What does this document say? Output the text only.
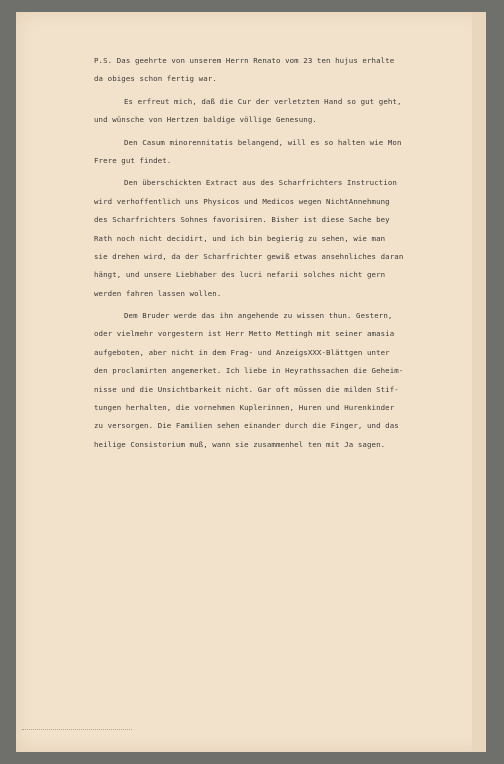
P.S. Das geehrte von unserem Herrn Renato vom 23 ten hujus erhalte
da obiges schon fertig war.
Es erfreut mich, daß die Cur der verletzten Hand so gut geht,
und wünsche von Hertzen baldige völlige Genesung.
Den Casum minorennitatis belangend, will es so halten wie Mon
Frere gut findet.
Den überschickten Extract aus des Scharfrichters Instruction
wird verhoffentlich uns Physicos und Medicos wegen NichtAnnehmung
des Scharfrichters Sohnes favorisiren. Bisher ist diese Sache bey
Rath noch nicht decidirt, und ich bin begierig zu sehen, wie man
sie drehen wird, da der Scharfrichter gewiß etwas ansehnliches daran
hängt, und unsere Liebhaber des lucri nefarii solches nicht gern
werden fahren lassen wollen.
Dem Bruder werde das ihn angehende zu wissen thun. Gestern,
oder vielmehr vorgestern ist Herr Metto Mettingh mit seiner amasia
aufgeboten, aber nicht in dem Frag- und AnzeigsXXX-Blättgen unter
den proclamirten angemerket. Ich liebe in Heyrathssachen die Geheim-
nisse und die Unsichtbarkeit nicht. Gar oft müssen die milden Stif-
tungen herhalten, die vornehmen Kuplerinnen, Huren und Hurenkinder
zu versorgen. Die Familien sehen einander durch die Finger, und das
heilige Consistorium muß, wann sie zusammenhel ten mit Ja sagen.
